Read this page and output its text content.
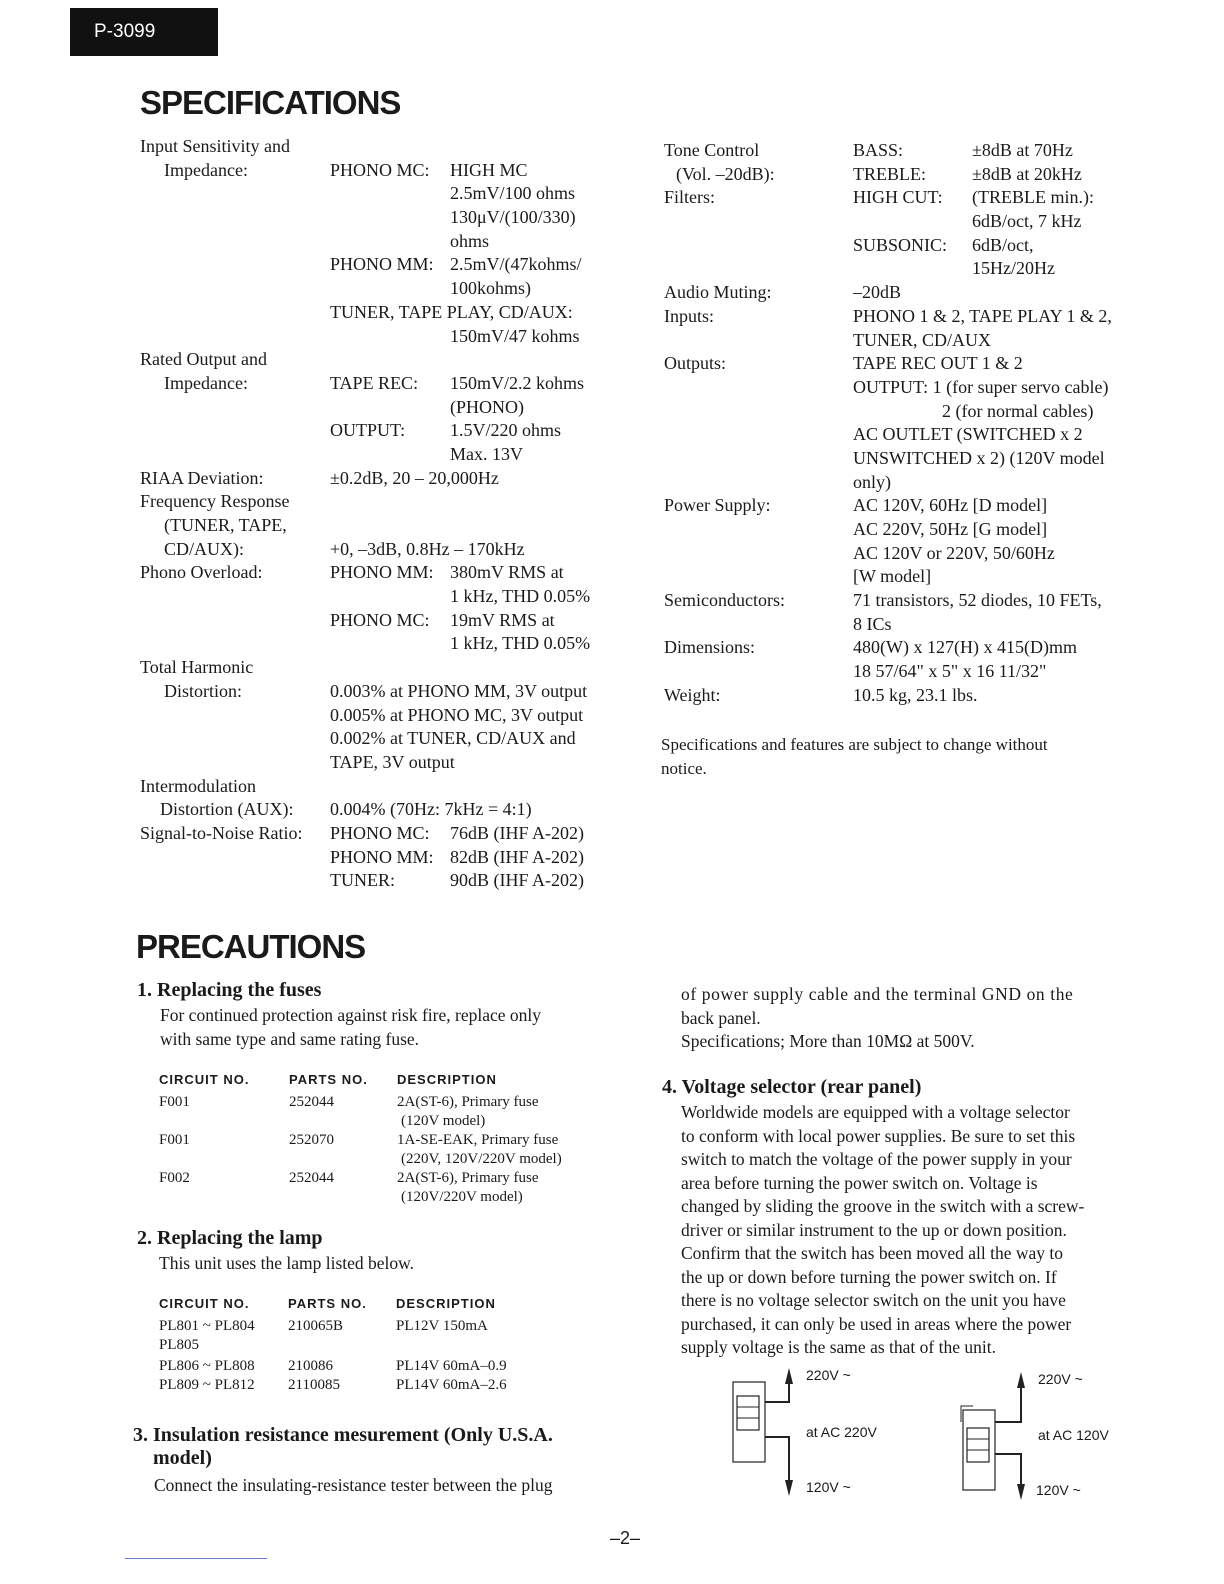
P-3099
SPECIFICATIONS
Input Sensitivity and
Impedance:	PHONO MC: HIGH MC
2.5mV/100 ohms
130μV/(100/330)
ohms
PHONO MM: 2.5mV/(47kohms/
100kohms)
TUNER, TAPE PLAY, CD/AUX:
150mV/47 kohms
Rated Output and
Impedance:	TAPE REC: 150mV/2.2 kohms
(PHONO)
OUTPUT: 1.5V/220 ohms
Max. 13V
RIAA Deviation:	±0.2dB, 20 – 20,000Hz
Frequency Response
(TUNER, TAPE,
CD/AUX):	+0, –3dB, 0.8Hz – 170kHz
Phono Overload:	PHONO MM: 380mV RMS at
1 kHz, THD 0.05%
PHONO MC: 19mV RMS at
1 kHz, THD 0.05%
Total Harmonic
Distortion:	0.003% at PHONO MM, 3V output
0.005% at PHONO MC, 3V output
0.002% at TUNER, CD/AUX and
TAPE, 3V output
Intermodulation
Distortion (AUX): 0.004% (70Hz: 7kHz = 4:1)
Signal-to-Noise Ratio: PHONO MC: 76dB (IHF A-202)
PHONO MM: 82dB (IHF A-202)
TUNER:	90dB (IHF A-202)
Tone Control	BASS:	±8dB at 70Hz
(Vol. –20dB):	TREBLE:	±8dB at 20kHz
Filters:	HIGH CUT: (TREBLE min.):
6dB/oct, 7 kHz
SUBSONIC: 6dB/oct,
15Hz/20Hz
Audio Muting:	–20dB
Inputs:	PHONO 1 & 2, TAPE PLAY 1 & 2,
TUNER, CD/AUX
Outputs:	TAPE REC OUT 1 & 2
OUTPUT: 1 (for super servo cable)
2 (for normal cables)
AC OUTLET (SWITCHED x 2
UNSWITCHED x 2) (120V model
only)
Power Supply:	AC 120V, 60Hz [D model]
AC 220V, 50Hz [G model]
AC 120V or 220V, 50/60Hz
[W model]
Semiconductors:	71 transistors, 52 diodes, 10 FETs,
8 ICs
Dimensions:	480(W) x 127(H) x 415(D)mm
18 57/64" x 5" x 16 11/32"
Weight:	10.5 kg, 23.1 lbs.
Specifications and features are subject to change without
notice.
PRECAUTIONS
1. Replacing the fuses
For continued protection against risk fire, replace only
with same type and same rating fuse.
CIRCUIT NO.	PARTS NO.	DESCRIPTION
F001	252044	2A(ST-6), Primary fuse
(120V model)

F001	252070	1A-SE-EAK, Primary fuse
(220V, 120V/220V model)

F002	252044	2A(ST-6), Primary fuse
(120V/220V model)
2. Replacing the lamp
This unit uses the lamp listed below.
CIRCUIT NO.	PARTS NO.	DESCRIPTION
PL801 ~ PL804	210065B	PL12V 150mA
PL805		
PL806 ~ PL808	210086	PL14V 60mA–0.9
PL809 ~ PL812	2110085	PL14V 60mA–2.6
3. Insulation resistance mesurement (Only U.S.A.
model)
Connect the insulating-resistance tester between the plug
of power supply cable and the terminal GND on the
back panel.
Specifications; More than 10MΩ at 500V.
4. Voltage selector (rear panel)
Worldwide models are equipped with a voltage selector
to conform with local power supplies. Be sure to set this
switch to match the voltage of the power supply in your
area before turning the power switch on. Voltage is
changed by sliding the groove in the switch with a screw-
driver or similar instrument to the up or down position.
Confirm that the switch has been moved all the way to
the up or down before turning the power switch on. If
there is no voltage selector switch on the unit you have
purchased, it can only be used in areas where the power
supply voltage is the same as that of the unit.
220V ~
at AC 220V
120V ~
220V ~
at AC 120V
120V ~
–2–
